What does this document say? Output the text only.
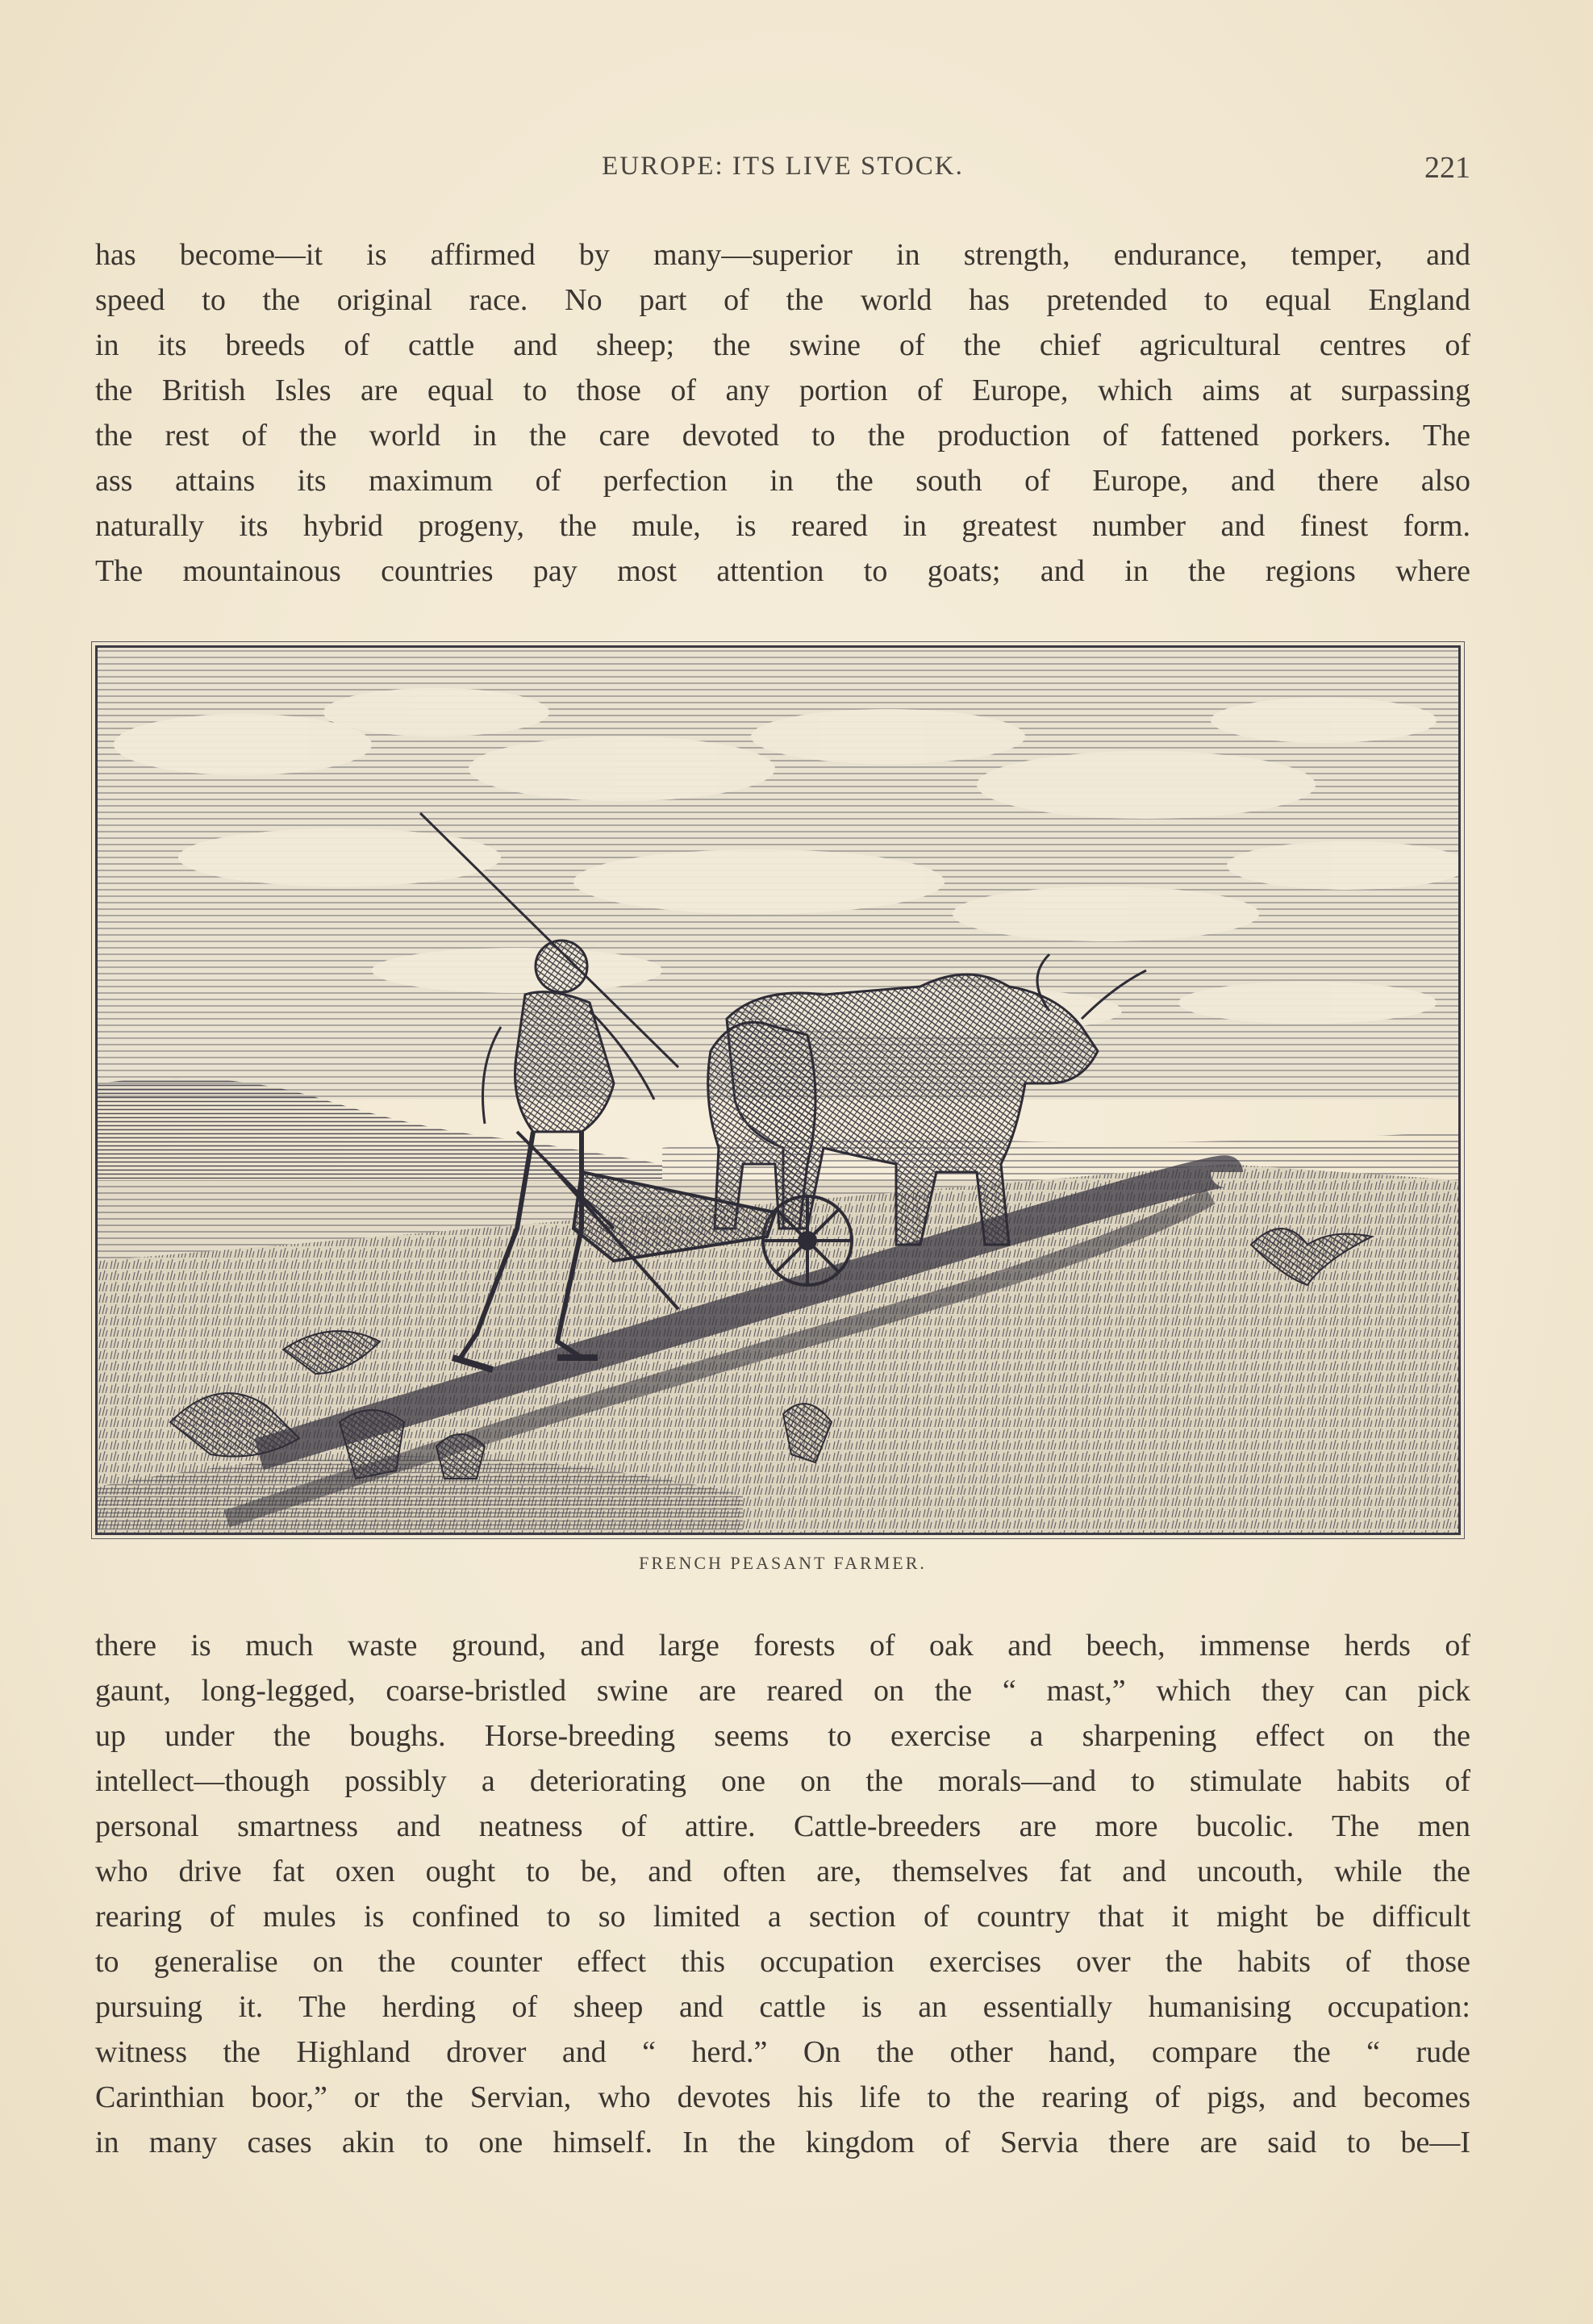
EUROPE: ITS LIVE STOCK.	221
has become—it is affirmed by many—superior in strength, endurance, temper, and
speed to the original race. No part of the world has pretended to equal England
in its breeds of cattle and sheep; the swine of the chief agricultural centres of
the British Isles are equal to those of any portion of Europe, which aims at surpassing
the rest of the world in the care devoted to the production of fattened porkers. The
ass attains its maximum of perfection in the south of Europe, and there also
naturally its hybrid progeny, the mule, is reared in greatest number and finest form.
The mountainous countries pay most attention to goats; and in the regions where
FRENCH PEASANT FARMER.
there is much waste ground, and large forests of oak and beech, immense herds of
gaunt, long-legged, coarse-bristled swine are reared on the “ mast,” which they can pick
up under the boughs. Horse-breeding seems to exercise a sharpening effect on the
intellect—though possibly a deteriorating one on the morals—and to stimulate habits of
personal smartness and neatness of attire. Cattle-breeders are more bucolic. The men
who drive fat oxen ought to be, and often are, themselves fat and uncouth, while the
rearing of mules is confined to so limited a section of country that it might be difficult
to generalise on the counter effect this occupation exercises over the habits of those
pursuing it. The herding of sheep and cattle is an essentially humanising occupation:
witness the Highland drover and “ herd.” On the other hand, compare the “ rude
Carinthian boor,” or the Servian, who devotes his life to the rearing of pigs, and becomes
in many cases akin to one himself. In the kingdom of Servia there are said to be—I
